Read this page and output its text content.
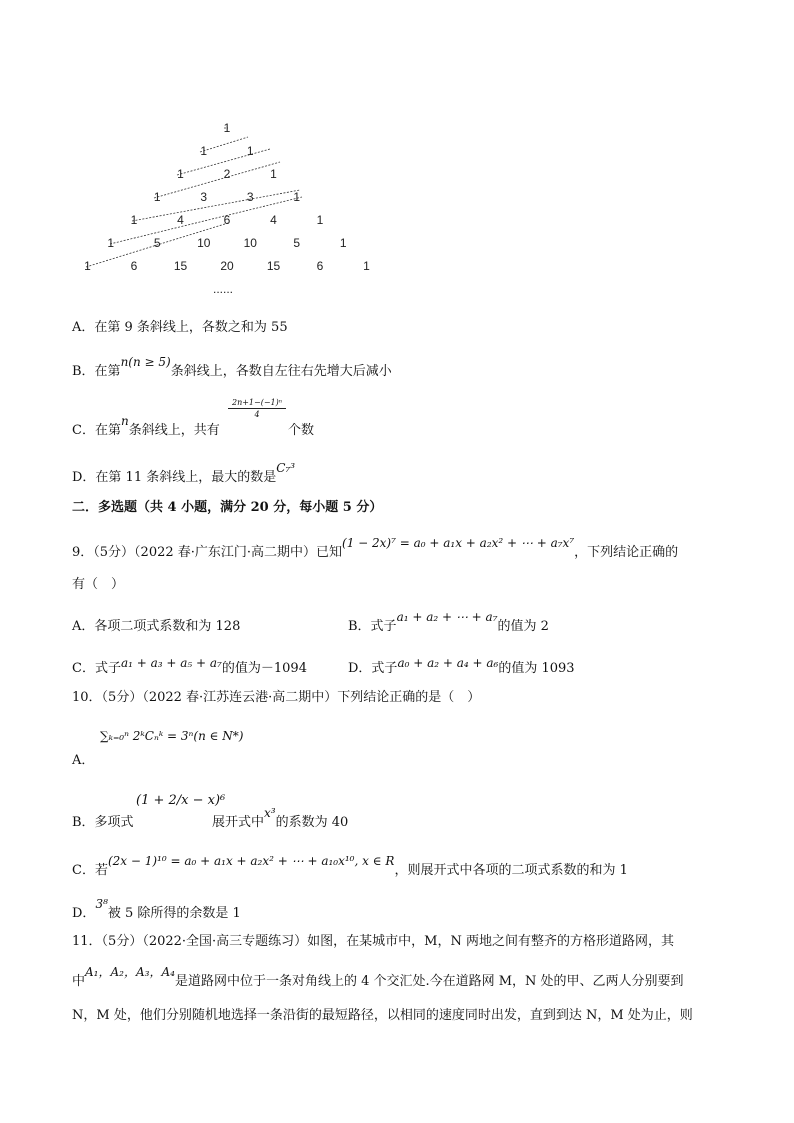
1
1	1
1	2	1
1	3	3	1
1	4	6	4	1
1	5	10	10	5	1
1	6	15	20	15	6	1
......
A．在第 9 条斜线上，各数之和为 55
B．在第n(n ≥ 5)条斜线上，各数自左往右先增大后减小
C．在第n条斜线上，共有
$\frac{\text{2n+1−(−1)ⁿ}}{4}$
个数
D．在第 11 条斜线上，最大的数是C₇³
二．多选题（共 4 小题，满分 20 分，每小题 5 分）
9．（5分）（2022 春·广东江门·高二期中）已知(1 − 2x)⁷ = a₀ + a₁x + a₂x² + ⋯ + a₇x⁷，下列结论正确的
有（　）
A．各项二项式系数和为 128	B．式子a₁ + a₂ + ⋯ + a₇的值为 2
C．式子a₁ + a₃ + a₅ + a₇的值为－1094	D．式子a₀ + a₂ + a₄ + a₆的值为 1093
10．（5分）（2022 春·江苏连云港·高二期中）下列结论正确的是（　）
∑ₖ₌₀ⁿ 2ᵏCₙᵏ = 3ⁿ(n ∈ N*)
A．
B．多项式
(1 + 2/x − x)⁶
展开式中x³的系数为 40
C．若(2x − 1)¹⁰ = a₀ + a₁x + a₂x² + ⋯ + a₁₀x¹⁰, x ∈ R，则展开式中各项的二项式系数的和为 1
D．3⁸被 5 除所得的余数是 1
11．（5分）（2022·全国·高三专题练习）如图，在某城市中，M，N 两地之间有整齐的方格形道路网，其
中A₁，A₂，A₃，A₄是道路网中位于一条对角线上的 4 个交汇处.今在道路网 M，N 处的甲、乙两人分别要到
N，M 处，他们分别随机地选择一条沿街的最短路径，以相同的速度同时出发，直到到达 N，M 处为止，则
